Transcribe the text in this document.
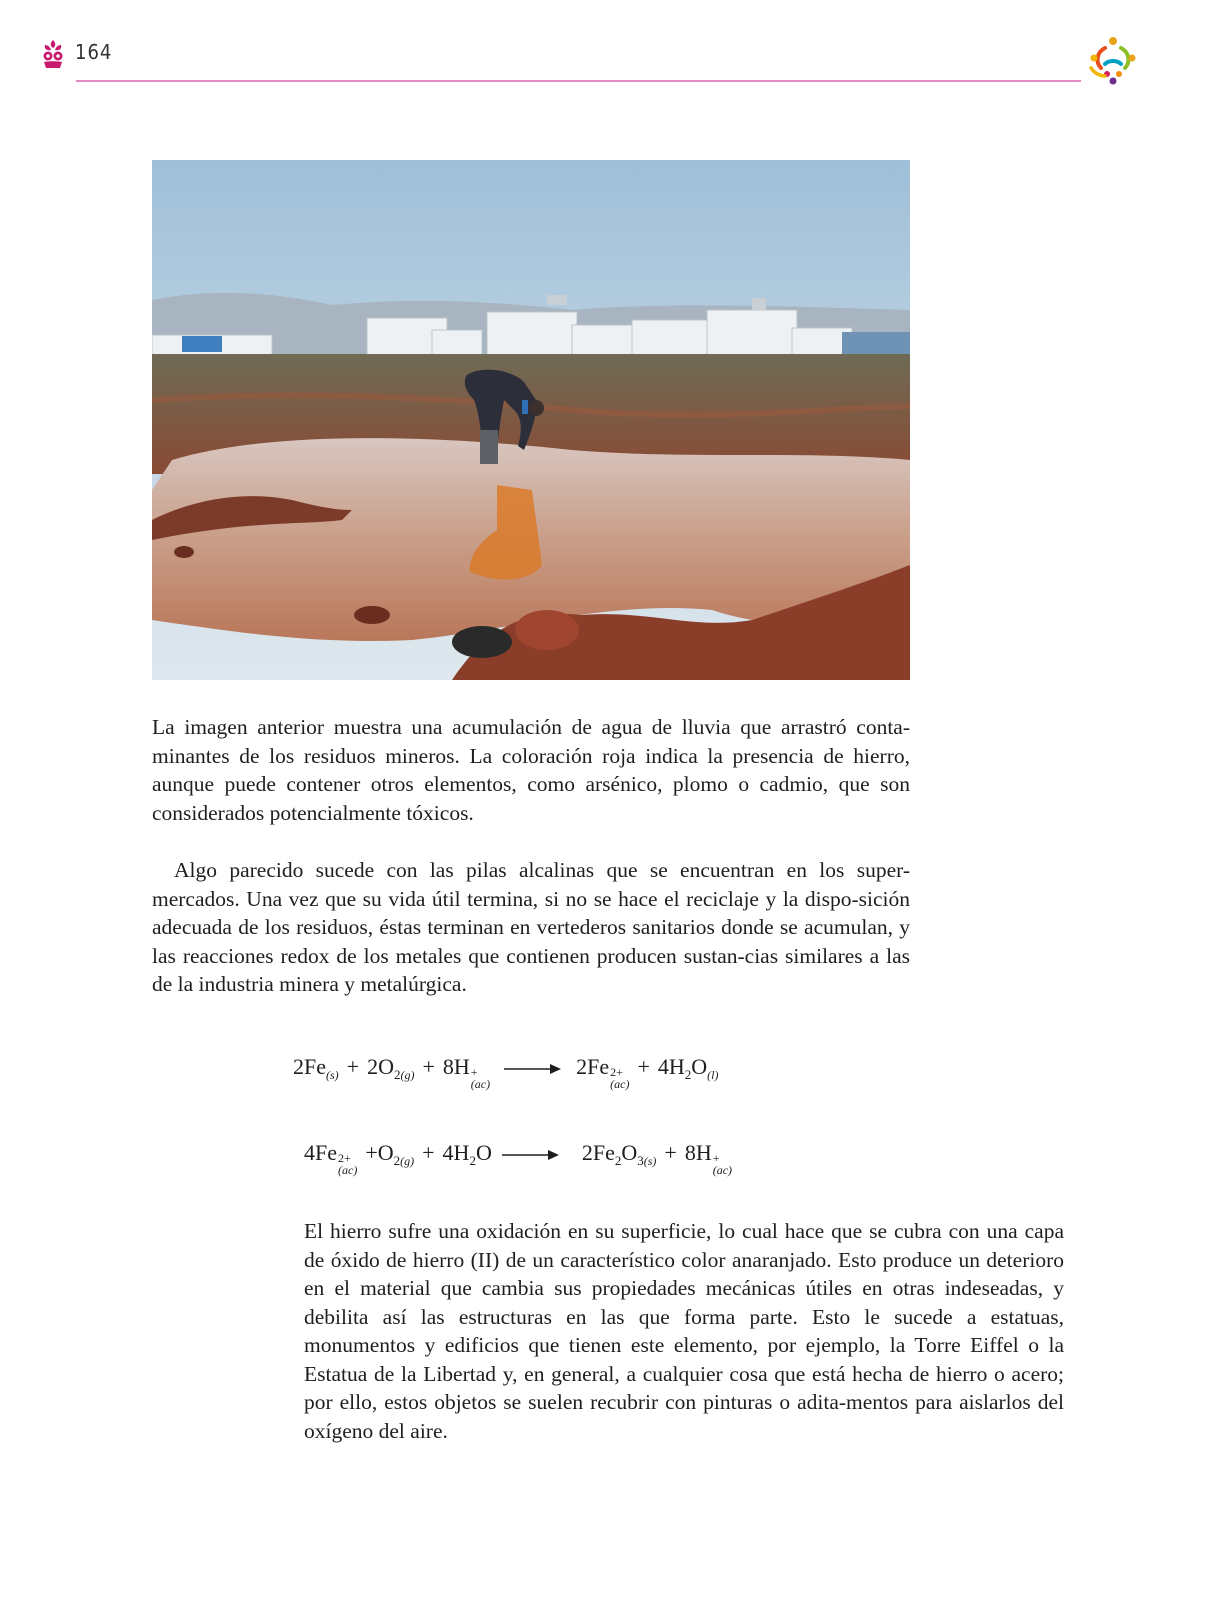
164

La imagen anterior muestra una acumulación de agua de lluvia que arrastró conta-minantes de los residuos mineros. La coloración roja indica la presencia de hierro, aunque puede contener otros elementos, como arsénico, plomo o cadmio, que son considerados potencialmente tóxicos.

Algo parecido sucede con las pilas alcalinas que se encuentran en los super-mercados. Una vez que su vida útil termina, si no se hace el reciclaje y la dispo-sición adecuada de los residuos, éstas terminan en vertederos sanitarios donde se acumulan, y las reacciones redox de los metales que contienen producen sustan-cias similares a las de la industria minera y metalúrgica.

2Fe (s) + 2O 2 (g) + 8H +
(ac)
→ 2Fe 2+
(ac)
+ 4H 2 O (l)
4Fe 2+
(ac)
+O 2 (g) + 4H 2 O → 2Fe 2 O 3 (s) + 8H +
(ac)

El hierro sufre una oxidación en su superficie, lo cual hace que se cubra con una capa de óxido de hierro (II) de un característico color anaranjado. Esto produce un deterioro en el material que cambia sus propiedades mecánicas útiles en otras indeseadas, y debilita así las estructuras en las que forma parte. Esto le sucede a estatuas, monumentos y edificios que tienen este elemento, por ejemplo, la Torre Eiffel o la Estatua de la Libertad y, en general, a cualquier cosa que está hecha de hierro o acero; por ello, estos objetos se suelen recubrir con pinturas o adita-mentos para aislarlos del oxígeno del aire.
